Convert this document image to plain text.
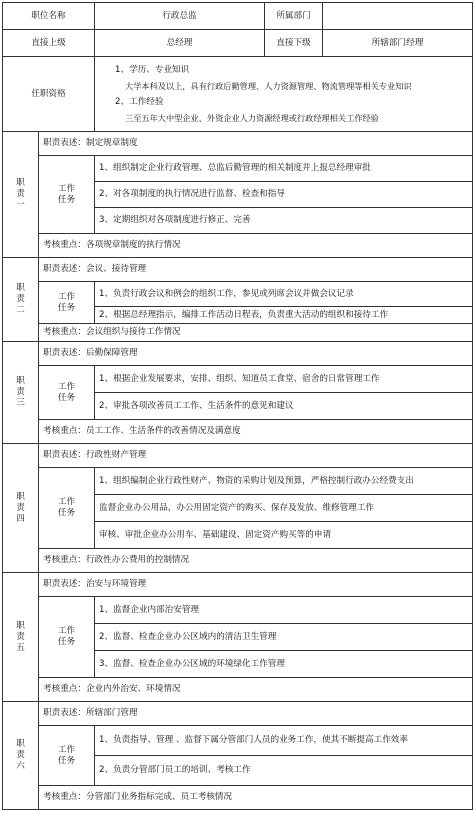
职位名称		行政总监	所属部门	
直接上级		总经理	直接下级	所辖部门经理
任职资格		1、学历、专业知识
大学本科及以上，具有行政后勤管理、人力资源管理、物流管理等相关专业知识
2、工作经验
三至五年大中型企业、外资企业人力资源经理或行政经理相关工作经验		

职
责
一	职责表述：制定规章制度			

	工作
任务	1、组织制定企业行政管理、总监后勤管理的相关制度并上报总经理审批		
		2、对各项制度的执行情况进行监督、检查和指导		
		3、定期组织对各项制度进行修正、完善		
	考核重点：各项规章制度的执行情况			

职
责
二	职责表述：会议、接待管理			

	工作
任务	1、负责行政会议和例会的组织工作，参见或列席会议并做会议记录		
		2、根据总经理指示，编排工作活动日程表，负责重大活动的组织和接待工作		
	考核重点：会议组织与接待工作情况			

职
责
三	职责表述：后勤保障管理			

	工作
任务	1、根据企业发展要求，安排、组织、知道员工食堂、宿舍的日常管理工作		
		2、审批各项改善员工工作、生活条件的意见和建议		
	考核重点：员工工作、生活条件的改善情况及满意度			

职
责
四	职责表述：行政性财产管理			

	工作
任务	1、组织编制企业行政性财产、物资的采购计划及预算，严格控制行政办公经费支出		
		监督企业办公用品，办公用固定资产的购买、保存及发放、维修管理工作		
		审核、审批企业办公用车、基础建设、固定资产购买等的申请		
	考核重点：行政性办公费用的控制情况			

职
责
五	职责表述：治安与环境管理			

	工作
任务	1、监督企业内部治安管理		
		2、监督、检查企业办公区域内的清洁卫生管理		
		3、监督、检查企业办公区域的环境绿化工作管理		
	考核重点：企业内外治安、环境情况			

职
责
六	职责表述：所辖部门管理			

	工作
任务	1、负责指导、管理 、监督下属分管部门人员的业务工作，使其不断提高工作效率		
		2、负责分管部门员工的培训、考核工作		
	考核重点：分管部门业务指标完成、员工考核情况			
